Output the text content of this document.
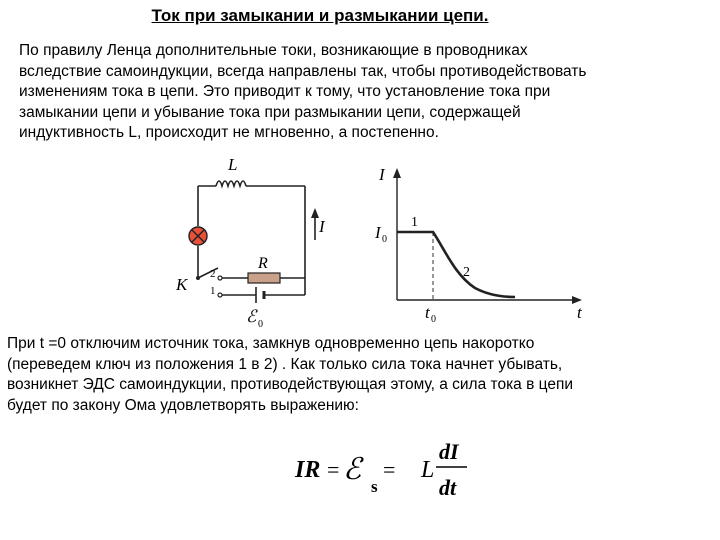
Ток при замыкании и размыкании цепи.

По правилу Ленца дополнительные токи, возникающие в проводниках
вследствие самоиндукции, всегда направлены так, чтобы противодействовать
изменениям тока в цепи. Это приводит к тому, что установление тока при
замыкании цепи и убывание тока при размыкании цепи, содержащей
индуктивность L, происходит не мгновенно, а постепенно.

L
I
R
K
2
1
ℰ 0
I
t
I 0
t 0
1
2

При t =0 отключим источник тока, замкнув одновременно цепь накоротко
(переведем ключ из положения 1 в 2) . Как только сила тока начнет убывать,
возникнет ЭДС самоиндукции, противодействующая этому, а сила тока в цепи
будет по закону Ома удовлетворять выражению:

IR = ℰ
s
= L
dI
dt
